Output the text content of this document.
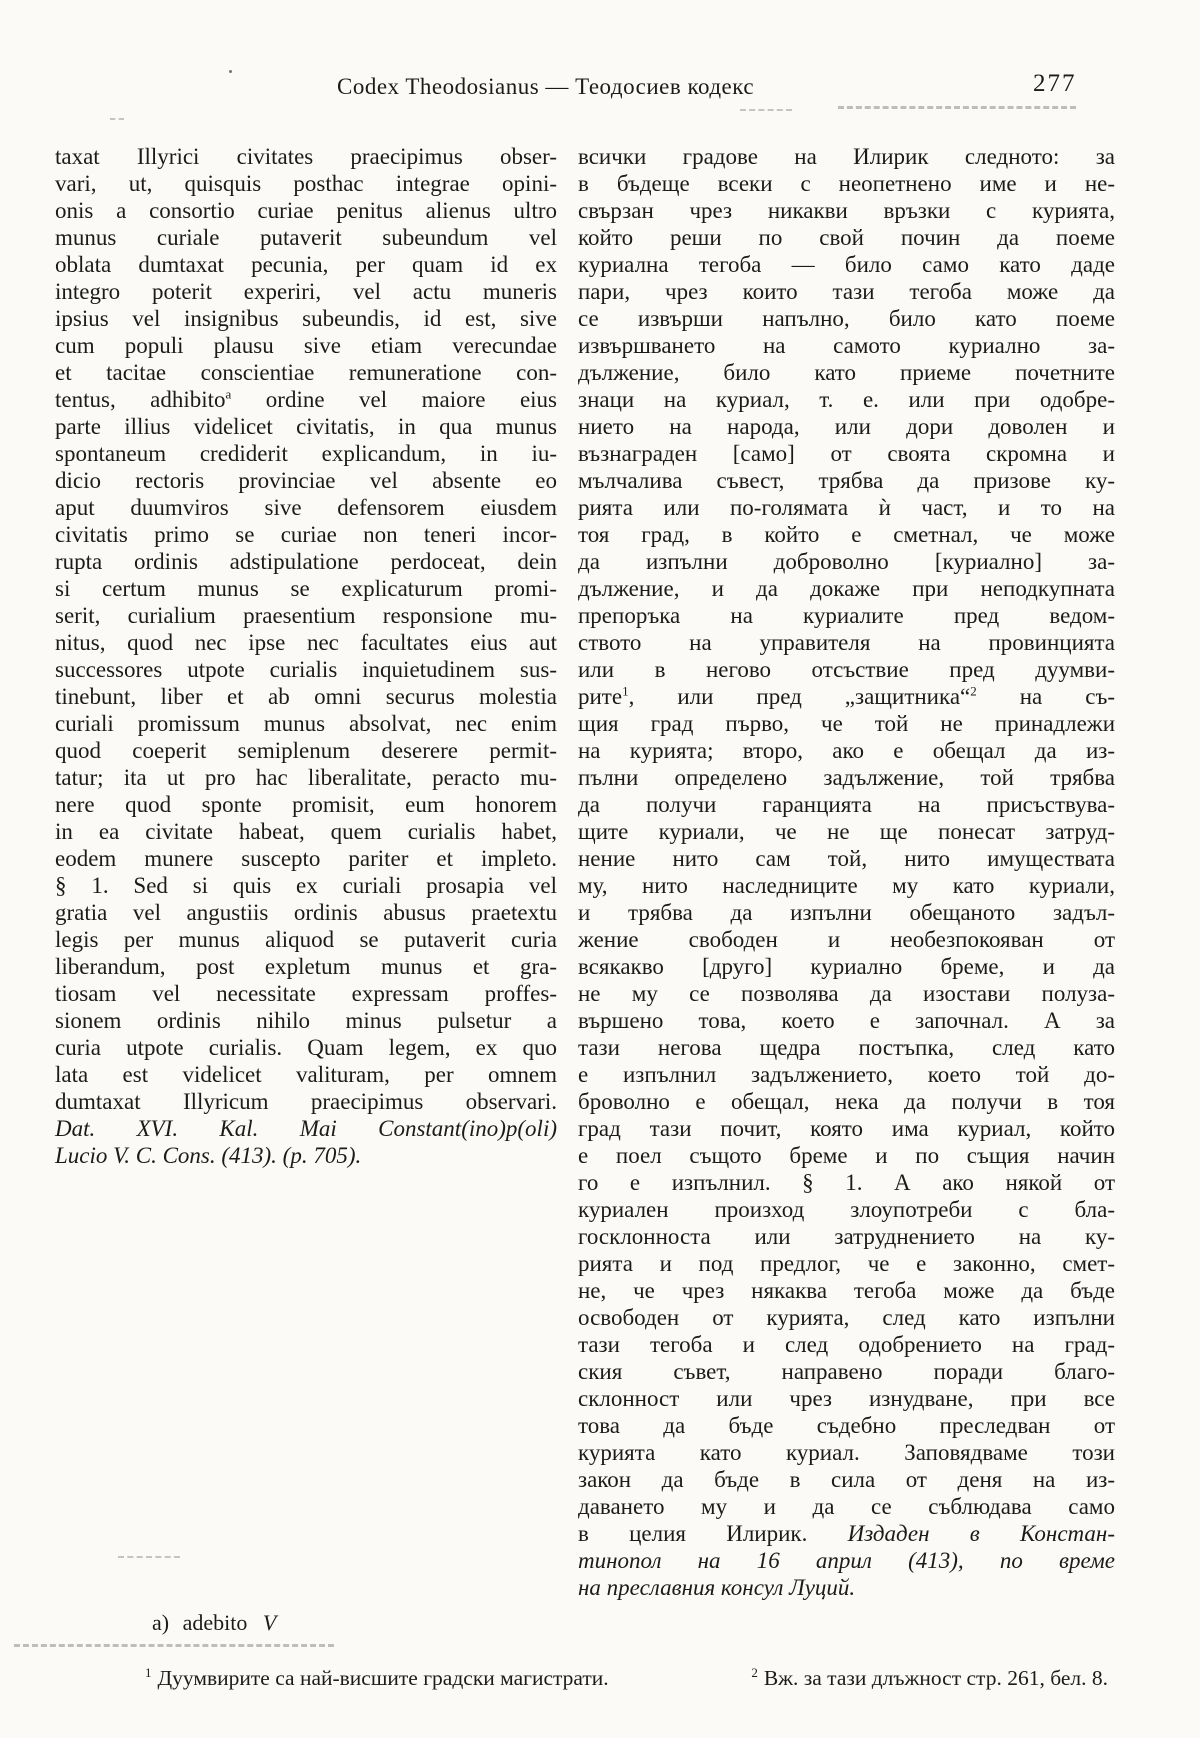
Codex Theodosianus — Теодосиев кодекс	277
taxat Illyrici civitates praecipimus obser-
vari, ut, quisquis posthac integrae opini-
onis a consortio curiae penitus alienus ultro
munus curiale putaverit subeundum vel
oblata dumtaxat pecunia, per quam id ex
integro poterit experiri, vel actu muneris
ipsius vel insignibus subeundis, id est, sive
cum populi plausu sive etiam verecundae
et tacitae conscientiae remuneratione con-
tentus, adhibito$^a$ ordine vel maiore eius
parte illius videlicet civitatis, in qua munus
spontaneum crediderit explicandum, in iu-
dicio rectoris provinciae vel absente eo
aput duumviros sive defensorem eiusdem
civitatis primo se curiae non teneri incor-
rupta ordinis adstipulatione perdoceat, dein
si certum munus se explicaturum promi-
serit, curialium praesentium responsione mu-
nitus, quod nec ipse nec facultates eius aut
successores utpote curialis inquietudinem sus-
tinebunt, liber et ab omni securus molestia
curiali promissum munus absolvat, nec enim
quod coeperit semiplenum deserere permit-
tatur; ita ut pro hac liberalitate, peracto mu-
nere quod sponte promisit, eum honorem
in ea civitate habeat, quem curialis habet,
eodem munere suscepto pariter et impleto.
§ 1. Sed si quis ex curiali prosapia vel
gratia vel angustiis ordinis abusus praetextu
legis per munus aliquod se putaverit curia
liberandum, post expletum munus et gra-
tiosam vel necessitate expressam proffes-
sionem ordinis nihilo minus pulsetur a
curia utpote curialis. Quam legem, ex quo
lata est videlicet valituram, per omnem
dumtaxat Illyricum praecipimus observari.
Dat. XVI. Kal. Mai Constant(ino)p(oli)
Lucio V. C. Cons. (413). (p. 705).
всички градове на Илирик следното: за
в бъдеще всеки с неопетнено име и не-
свързан чрез никакви връзки с курията,
който реши по свой почин да поеме
куриална тегоба — било само като даде
пари, чрез които тази тегоба може да
се извърши напълно, било като поеме
извършването на самото куриално за-
дължение, било като приеме почетните
знаци на куриал, т. е. или при одобре-
нието на народа, или дори доволен и
възнаграден [само] от своята скромна и
мълчалива съвест, трябва да призове ку-
рията или по-голямата ѝ част, и то на
тоя град, в който е сметнал, че може
да изпълни доброволно [куриално] за-
дължение, и да докаже при неподкупната
препоръка на куриалите пред ведом-
ството на управителя на провинцията
или в негово отсъствие пред дуумви-
рите$^1$, или пред „защитника“$^2$ на съ-
щия град първо, че той не принадлежи
на курията; второ, ако е обещал да из-
пълни определено задължение, той трябва
да получи гаранцията на присъствува-
щите куриали, че не ще понесат затруд-
нение нито сам той, нито имуществата
му, нито наследниците му като куриали,
и трябва да изпълни обещаното задъл-
жение свободен и необезпокояван от
всякакво [друго] куриално бреме, и да
не му се позволява да изостави полуза-
вършено това, което е започнал. А за
тази негова щедра постъпка, след като
е изпълнил задължението, което той до-
броволно е обещал, нека да получи в тоя
град тази почит, която има куриал, който
е поел същото бреме и по същия начин
го е изпълнил. § 1. А ако някой от
куриален произход злоупотреби с бла-
госклонноста или затруднението на ку-
рията и под предлог, че е законно, смет-
не, че чрез някаква тегоба може да бъде
освободен от курията, след като изпълни
тази тегоба и след одобрението на град-
ския съвет, направено поради благо-
склонност или чрез изнудване, при все
това да бъде съдебно преследван от
курията като куриал. Заповядваме този
закон да бъде в сила от деня на из-
даването му и да се съблюдава само
в целия Илирик. Издаден в Констан-
тинопол на 16 април (413), по време
на преславния консул Луций.
a) adebito V
$^1$ Дуумвирите са най-висшите градски магистрати.	$^2$ Вж. за тази длъжност стр. 261, бел. 8.
